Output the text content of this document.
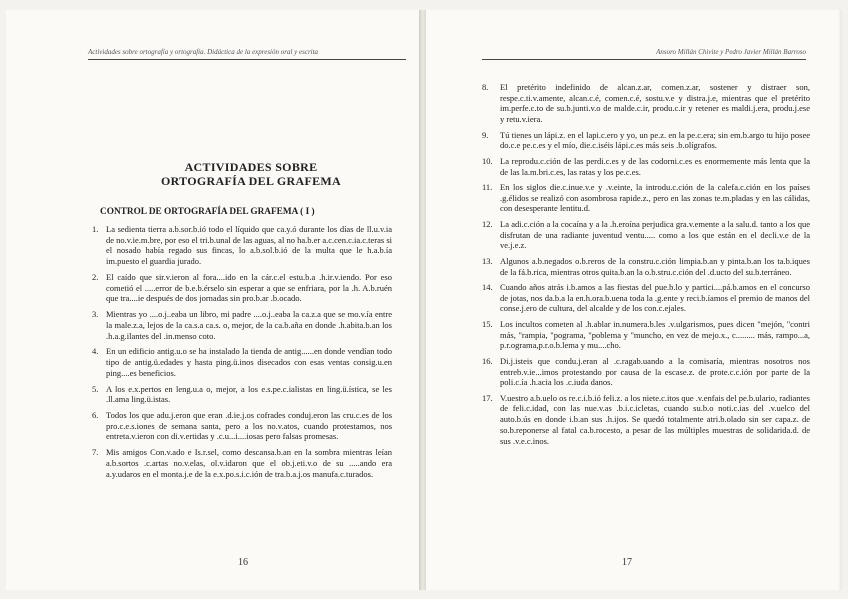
Actividades sobre ortografía y ortografía. Didáctica de la expresión oral y escrita
ACTIVIDADES SOBRE
ORTOGRAFÍA DEL GRAFEMA
CONTROL DE ORTOGRAFÍA DEL GRAFEMA ( I )
1. La sedienta tierra a.b.sor.b.ió todo el líquido que ca.y.ó durante los días de ll.u.v.ia de no.v.ie.m.bre, por eso el tri.b.unal de las aguas, al no ha.b.er a.c.cen.c.ia.c.teras si el nosado había regado sus fincas, lo a.b.sol.b.ió de la multa que le h.a.b.ía im.puesto el guardia jurado.
2. El caído que sir.v.ieron al fora....ido en la cár.c.el estu.b.a .h.ir.v.iendo. Por eso cometió el .....error de b.e.b.érselo sin esperar a que se enfriara, por la .h. A.b.ruén que tra....ie después de dos jornadas sin pro.b.ar .b.ocado.
3. Mientras yo ....o.j..eaba un libro, mi padre ....o.j..eaba la ca.z.a que se mo.v.ía entre la male.z.a, lejos de la ca.s.a ca.s. o, mejor, de la ca.b.aña en donde .h.abita.b.an los .h.a.g.ilantes del .in.menso coto.
4. En un edificio antig.u.o se ha instalado la tienda de antig......en donde vendían todo tipo de antig.ü.edades y hasta ping.ü.inos disecados con esas ventas consig.u.en ping....es beneficios.
5. A los e.x.pertos en leng.u.a o, mejor, a los e.s.pe.c.ialistas en ling.ü.ística, se les .ll.ama ling.ü.istas.
6. Todos los que adu.j.eron que eran .d.ie.j.os cofrades conduj.eron las cru.c.es de los pro.c.e.s.iones de semana santa, pero a los no.v.atos, cuando protestamos, nos entreta.v.ieron con di.v.ertidas y .c.u...i....iosas pero falsas promesas.
7. Mis amigos Con.v.ado e Is.r.sel, como descansa.b.an en la sombra mientras leían a.b.sortos .c.artas no.v.elas, ol.v.idaron que el ob.j.eti.v.o de su .....ando era a.y.udaros en el monta.j.e de la e.x.po.s.i.c.ión de tra.b.a.j.os manufa.c.turados.
16
Ansoro Millán Chivite y Pedro Javier Millán Barroso
8. El pretérito indefinido de alcan.z.ar, comen.z.ar, sostener y distraer son, respe.c.ti.v.amente, alcan.c.é, comen.c.é, sostu.v.e y distra.j.e, mientras que el pretérito im.perfe.c.to de su.b.junti.v.o de malde.c.ir, produ.c.ir y retener es maldi.j.era, produ.j.ese y retu.v.iera.
9. Tú tienes un lápi.z. en el lapi.c.ero y yo, un pe.z. en la pe.c.era; sin em.b.argo tu hijo posee do.c.e pe.c.es y el mío, die.c.iséis lápi.c.es más seis .b.olígrafos.
10. La reprodu.c.ción de las perdi.c.es y de las codorni.c.es es enormemente más lenta que la de las la.m.bri.c.es, las ratas y los pe.c.es.
11. En los siglos die.c.inue.v.e y .v.einte, la introdu.c.ción de la calefa.c.ción en los países .g.élidos se realizó con asombrosa rapide.z., pero en las zonas te.m.pladas y en las cálidas, con desesperante lentitu.d.
12. La adi.c.ción a la cocaína y a la .h.eroína perjudica gra.v.emente a la salu.d. tanto a los que disfrutan de una radiante juventud ventu..... como a los que están en el decli.v.e de la ve.j.e.z.
13. Algunos a.b.negados o.b.reros de la constru.c.ción limpia.b.an y pinta.b.an los ta.b.iques de la fá.b.rica, mientras otros quita.b.an la o.b.stru.c.ción del .d.ucto del su.b.terráneo.
14. Cuando años atrás i.b.amos a las fiestas del pue.b.lo y partici....pá.b.amos en el concurso de jotas, nos da.b.a la en.h.ora.b.uena toda la .g.ente y reci.b.íamos el premio de manos del conse.j.ero de cultura, del alcalde y de los con.c.ejales.
15. Los incultos cometen al .h.ablar in.numera.b.les .v.ulgarismos, pues dicen "mejón, "contri más, "rampia, "pograma, "poblema y "muncho, en vez de mejo.x., c......... más, rampo...a, p.r.ograma,p.r.o.b.lema y mu....cho.
16. Di.j.isteis que condu.j.eran al .c.ragab.uando a la comisaría, mientras nosotros nos entreb.v.ie...imos protestando por causa de la escase.z. de prote.c.c.ión por parte de la poli.c.ía .h.acia los .c.iuda danos.
17. V.uestro a.b.uelo os re.c.i.b.ió feli.z. a los niete.c.itos que .v.enfais del pe.b.ulario, radiantes de feli.c.idad, con las nue.v.as .b.i.c.icletas, cuando su.b.o noti.c.ias del .v.uelco del auto.b.ús en donde i.b.an sus .h.ijos. Se quedó totalmente atri.b.olado sin ser capa.z. de so.b.reponerse al fatal ca.b.rocesto, a pesar de las múltiples muestras de solidarida.d. de sus .v.e.c.inos.
17
